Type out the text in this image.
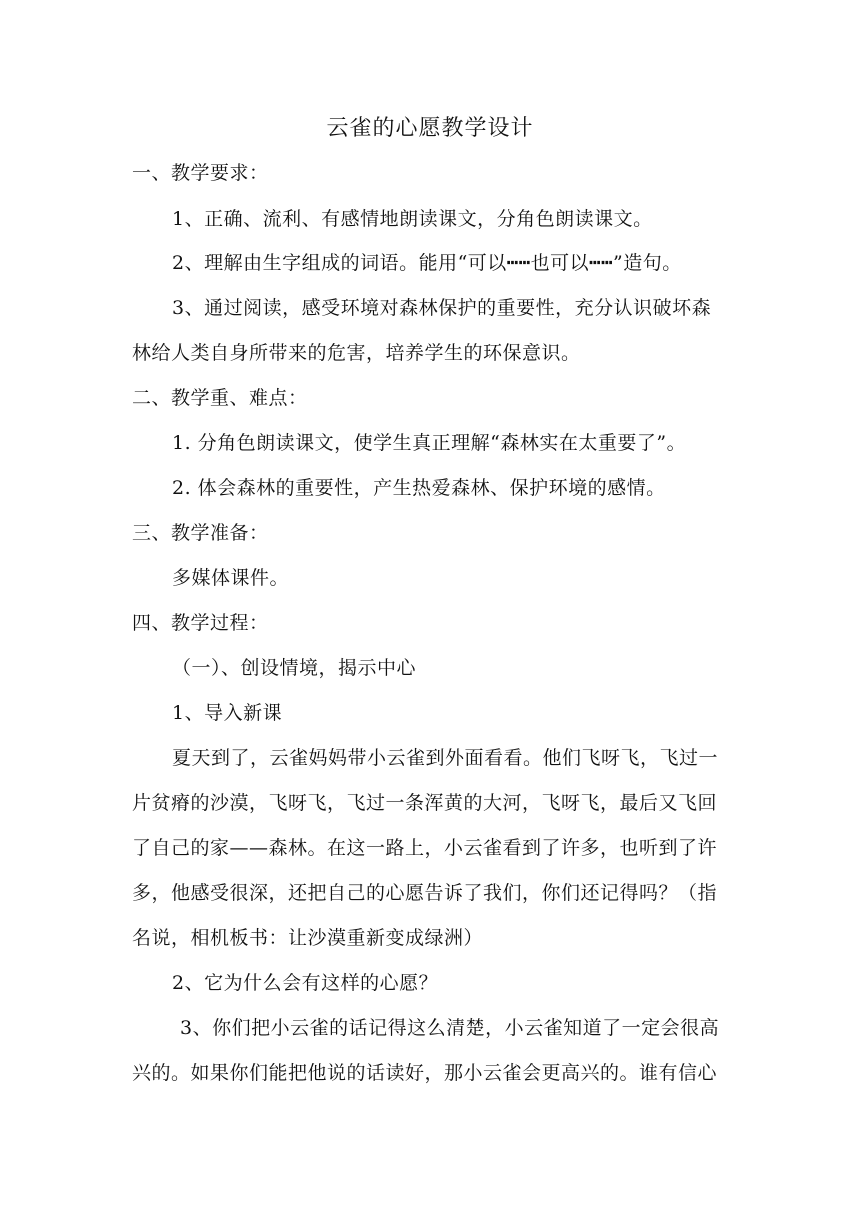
云雀的心愿教学设计
一、教学要求：
1、正确、流利、有感情地朗读课文，分角色朗读课文。
2、理解由生字组成的词语。能用“可以┅┅也可以┅┅”造句。
3、通过阅读，感受环境对森林保护的重要性，充分认识破坏森
林给人类自身所带来的危害，培养学生的环保意识。
二、教学重、难点：
1. 分角色朗读课文，使学生真正理解“森林实在太重要了”。
2. 体会森林的重要性，产生热爱森林、保护环境的感情。
三、教学准备：
多媒体课件。
四、教学过程：
（一）、创设情境，揭示中心
1、导入新课
夏天到了，云雀妈妈带小云雀到外面看看。他们飞呀飞，飞过一
片贫瘠的沙漠，飞呀飞，飞过一条浑黄的大河，飞呀飞，最后又飞回
了自己的家——森林。在这一路上，小云雀看到了许多，也听到了许
多，他感受很深，还把自己的心愿告诉了我们，你们还记得吗？（指
名说，相机板书：让沙漠重新变成绿洲）
2、它为什么会有这样的心愿？
3、你们把小云雀的话记得这么清楚，小云雀知道了一定会很高
兴的。如果你们能把他说的话读好，那小云雀会更高兴的。谁有信心
